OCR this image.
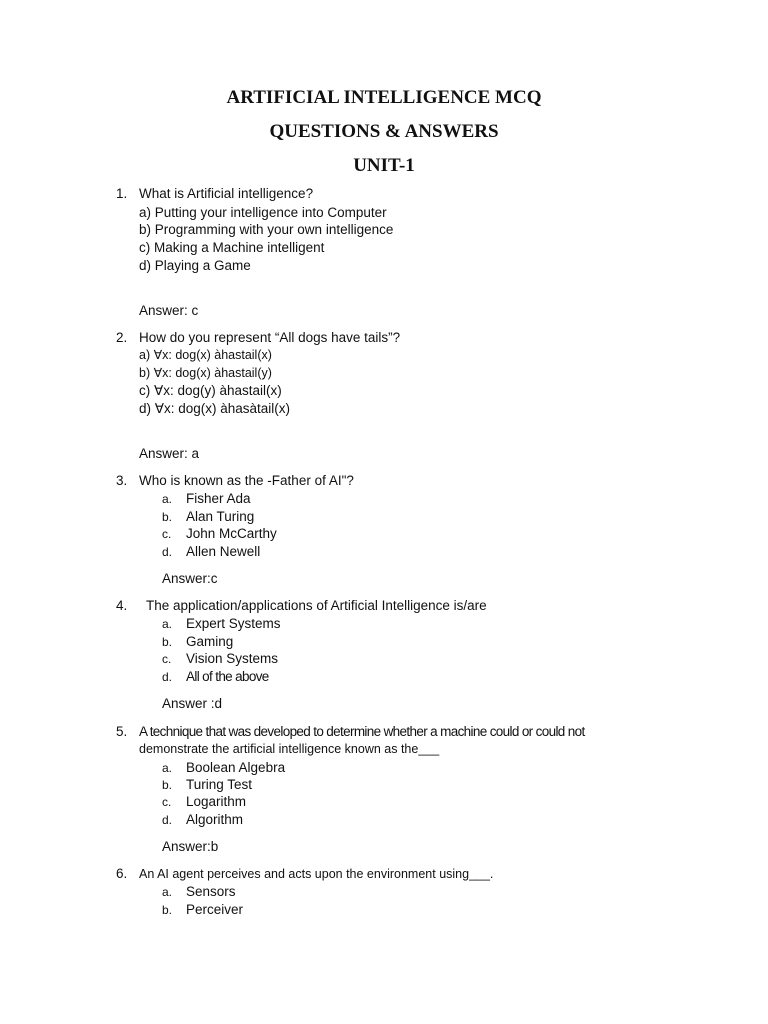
ARTIFICIAL INTELLIGENCE MCQ
QUESTIONS & ANSWERS
UNIT-1

1. What is Artificial intelligence?

a) Putting your intelligence into Computer

b) Programming with your own intelligence

c) Making a Machine intelligent

d) Playing a Game

Answer: c

2. How do you represent “All dogs have tails”?

a) ∀x: dog(x) àhastail(x)

b) ∀x: dog(x) àhastail(y)

c) ∀x: dog(y) àhastail(x)

d) ∀x: dog(x) àhasàtail(x)

Answer: a

3. Who is known as the -Father of AI"?

a. Fisher Ada

b. Alan Turing

c. John McCarthy

d. Allen Newell

Answer:c

4. The application/applications of Artificial Intelligence is/are

a. Expert Systems

b. Gaming

c. Vision Systems

d. All of the above

Answer :d

5. A technique that was developed to determine whether a machine could or could not

demonstrate the artificial intelligence known as the___

a. Boolean Algebra

b. Turing Test

c. Logarithm

d. Algorithm

Answer:b

6. An AI agent perceives and acts upon the environment using___.

a. Sensors

b. Perceiver
